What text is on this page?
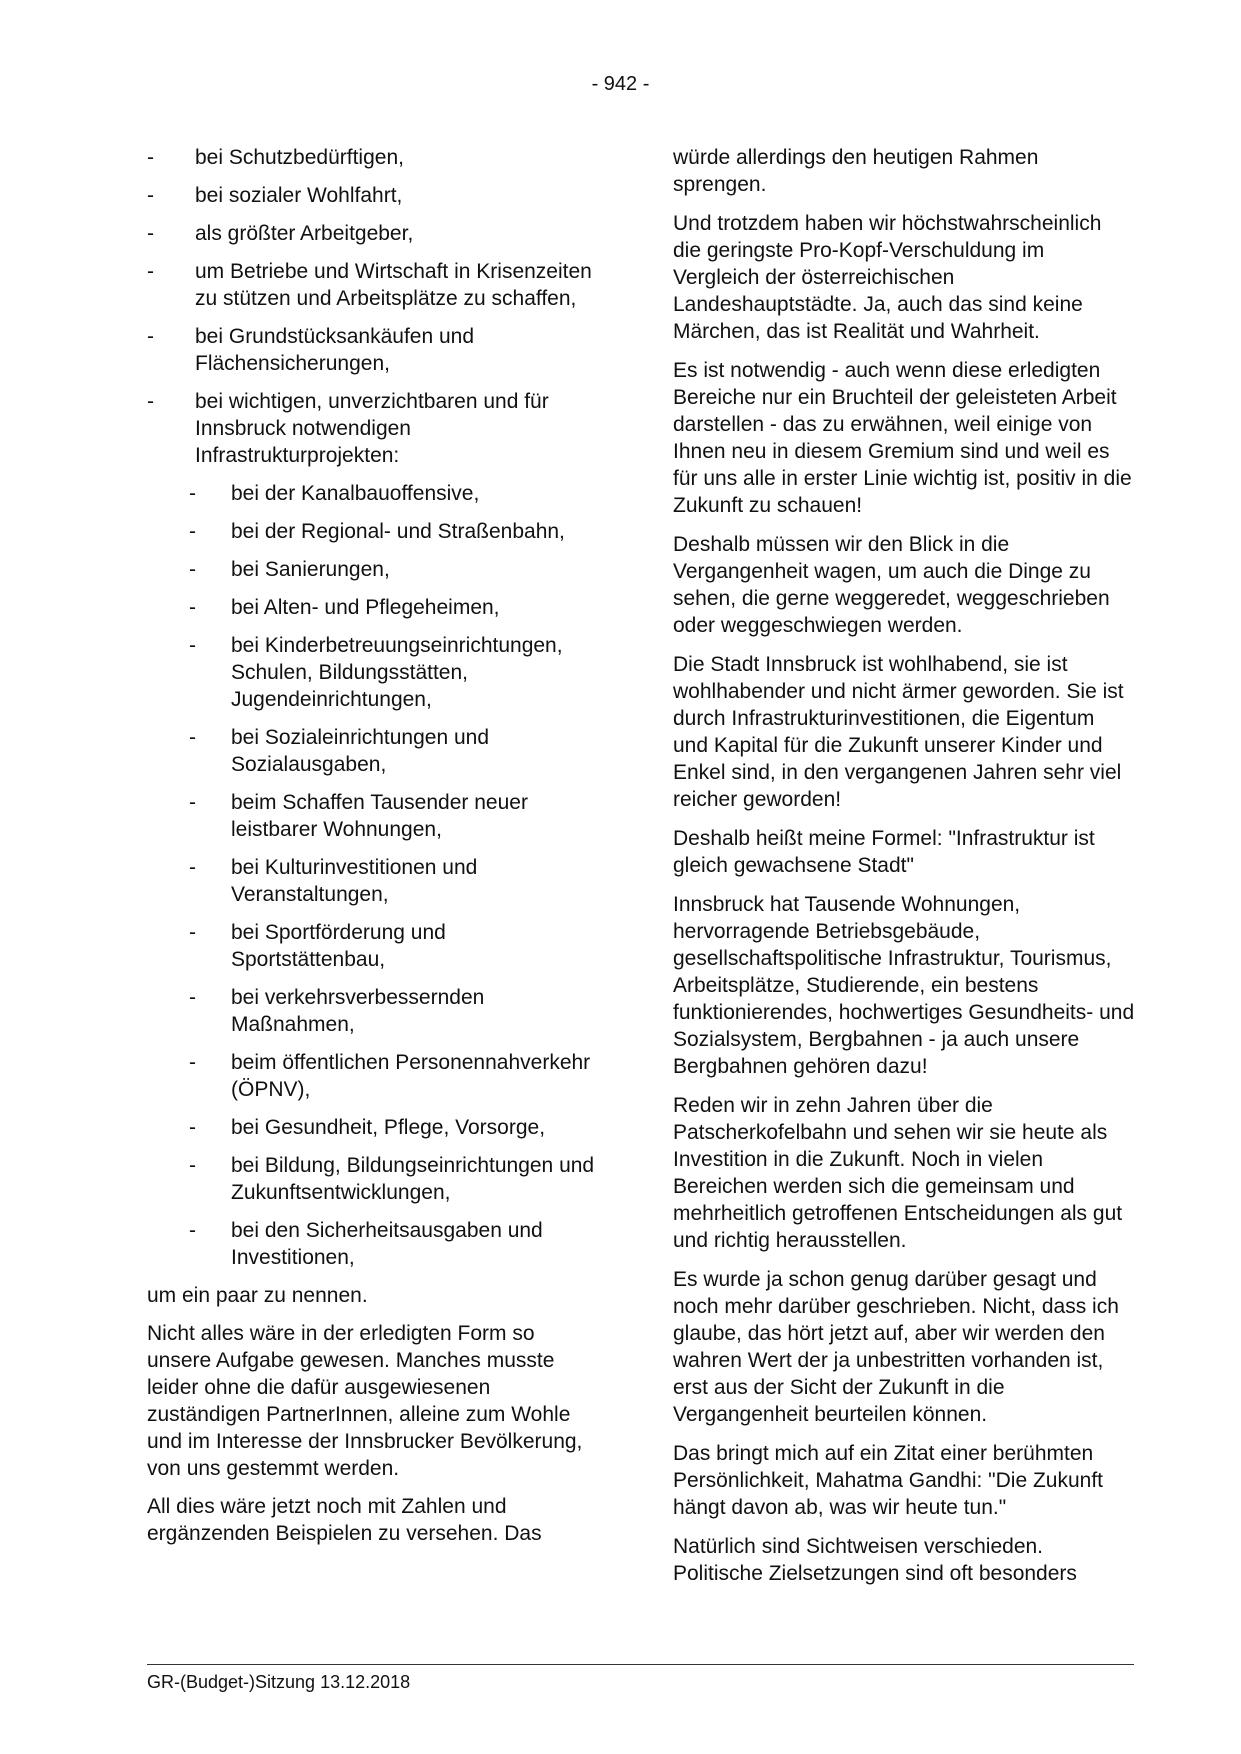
- 942 -
-	bei Schutzbedürftigen,
-	bei sozialer Wohlfahrt,
-	als größter Arbeitgeber,
-	um Betriebe und Wirtschaft in Krisenzeiten zu stützen und Arbeitsplätze zu schaffen,
-	bei Grundstücksankäufen und Flächensicherungen,
-	bei wichtigen, unverzichtbaren und für Innsbruck notwendigen Infrastrukturprojekten:
-	bei der Kanalbauoffensive,
-	bei der Regional- und Straßenbahn,
-	bei Sanierungen,
-	bei Alten- und Pflegeheimen,
-	bei Kinderbetreuungseinrichtungen, Schulen, Bildungsstätten, Jugendeinrichtungen,
-	bei Sozialeinrichtungen und Sozialausgaben,
-	beim Schaffen Tausender neuer leistbarer Wohnungen,
-	bei Kulturinvestitionen und Veranstaltungen,
-	bei Sportförderung und Sportstättenbau,
-	bei verkehrsverbessernden Maßnahmen,
-	beim öffentlichen Personennahverkehr (ÖPNV),
-	bei Gesundheit, Pflege, Vorsorge,
-	bei Bildung, Bildungseinrichtungen und Zukunftsentwicklungen,
-	bei den Sicherheitsausgaben und Investitionen,

um ein paar zu nennen.

Nicht alles wäre in der erledigten Form so unsere Aufgabe gewesen. Manches musste leider ohne die dafür ausgewiesenen zuständigen PartnerInnen, alleine zum Wohle und im Interesse der Innsbrucker Bevölkerung, von uns gestemmt werden.

All dies wäre jetzt noch mit Zahlen und ergänzenden Beispielen zu versehen. Das

würde allerdings den heutigen Rahmen sprengen.

Und trotzdem haben wir höchstwahrscheinlich die geringste Pro-Kopf-Verschuldung im Vergleich der österreichischen Landeshauptstädte. Ja, auch das sind keine Märchen, das ist Realität und Wahrheit.

Es ist notwendig - auch wenn diese erledigten Bereiche nur ein Bruchteil der geleisteten Arbeit darstellen - das zu erwähnen, weil einige von Ihnen neu in diesem Gremium sind und weil es für uns alle in erster Linie wichtig ist, positiv in die Zukunft zu schauen!

Deshalb müssen wir den Blick in die Vergangenheit wagen, um auch die Dinge zu sehen, die gerne weggeredet, weggeschrieben oder weggeschwiegen werden.

Die Stadt Innsbruck ist wohlhabend, sie ist wohlhabender und nicht ärmer geworden. Sie ist durch Infrastrukturinvestitionen, die Eigentum und Kapital für die Zukunft unserer Kinder und Enkel sind, in den vergangenen Jahren sehr viel reicher geworden!

Deshalb heißt meine Formel: "Infrastruktur ist gleich gewachsene Stadt"

Innsbruck hat Tausende Wohnungen, hervorragende Betriebsgebäude, gesellschaftspolitische Infrastruktur, Tourismus, Arbeitsplätze, Studierende, ein bestens funktionierendes, hochwertiges Gesundheits- und Sozialsystem, Bergbahnen - ja auch unsere Bergbahnen gehören dazu!

Reden wir in zehn Jahren über die Patscherkofelbahn und sehen wir sie heute als Investition in die Zukunft. Noch in vielen Bereichen werden sich die gemeinsam und mehrheitlich getroffenen Entscheidungen als gut und richtig herausstellen.

Es wurde ja schon genug darüber gesagt und noch mehr darüber geschrieben. Nicht, dass ich glaube, das hört jetzt auf, aber wir werden den wahren Wert der ja unbestritten vorhanden ist, erst aus der Sicht der Zukunft in die Vergangenheit beurteilen können.

Das bringt mich auf ein Zitat einer berühmten Persönlichkeit, Mahatma Gandhi: "Die Zukunft hängt davon ab, was wir heute tun."

Natürlich sind Sichtweisen verschieden. Politische Zielsetzungen sind oft besonders

GR-(Budget-)Sitzung 13.12.2018
